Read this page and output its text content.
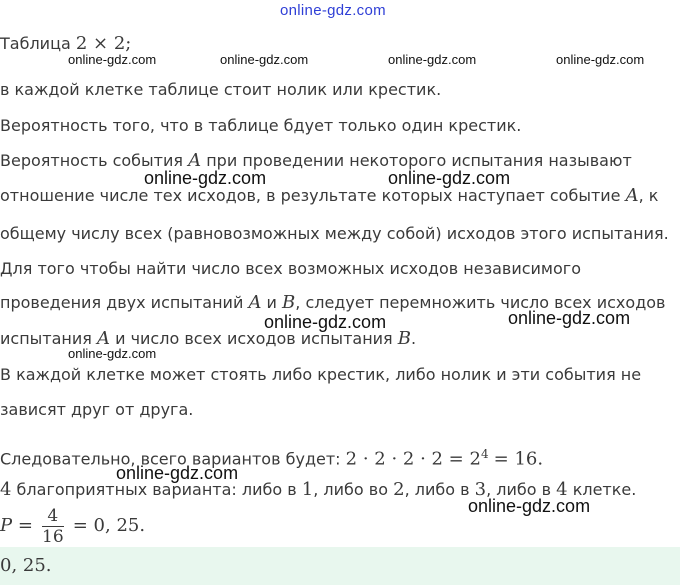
online-gdz.com
Таблица 2 × 2;
online-gdz.com	online-gdz.com	online-gdz.com	online-gdz.com
в каждой клетке таблице стоит нолик или крестик.
Вероятность того, что в таблице бдует только один крестик.
Вероятность события A при проведении некоторого испытания называют
online-gdz.com	online-gdz.com
отношение числе тех исходов, в результате которых наступает событие A, к
общему числу всех (равновозможных между собой) исходов этого испытания.
Для того чтобы найти число всех возможных исходов независимого
проведения двух испытаний A и B, следует перемножить число всех исходов
online-gdz.com	online-gdz.com
испытания A и число всех исходов испытания B.
online-gdz.com
В каждой клетке может стоять либо крестик, либо нолик и эти события не
зависят друг от друга.
Следовательно, всего вариантов будет: $2 \cdot 2 \cdot 2 \cdot 2 = 2^4 = 16$.
online-gdz.com
4 благоприятных варианта: либо в 1, либо во 2, либо в 3, либо в 4 клетке.
online-gdz.com
$P = \frac{4}{16} = 0$, 25.
0, 25.
